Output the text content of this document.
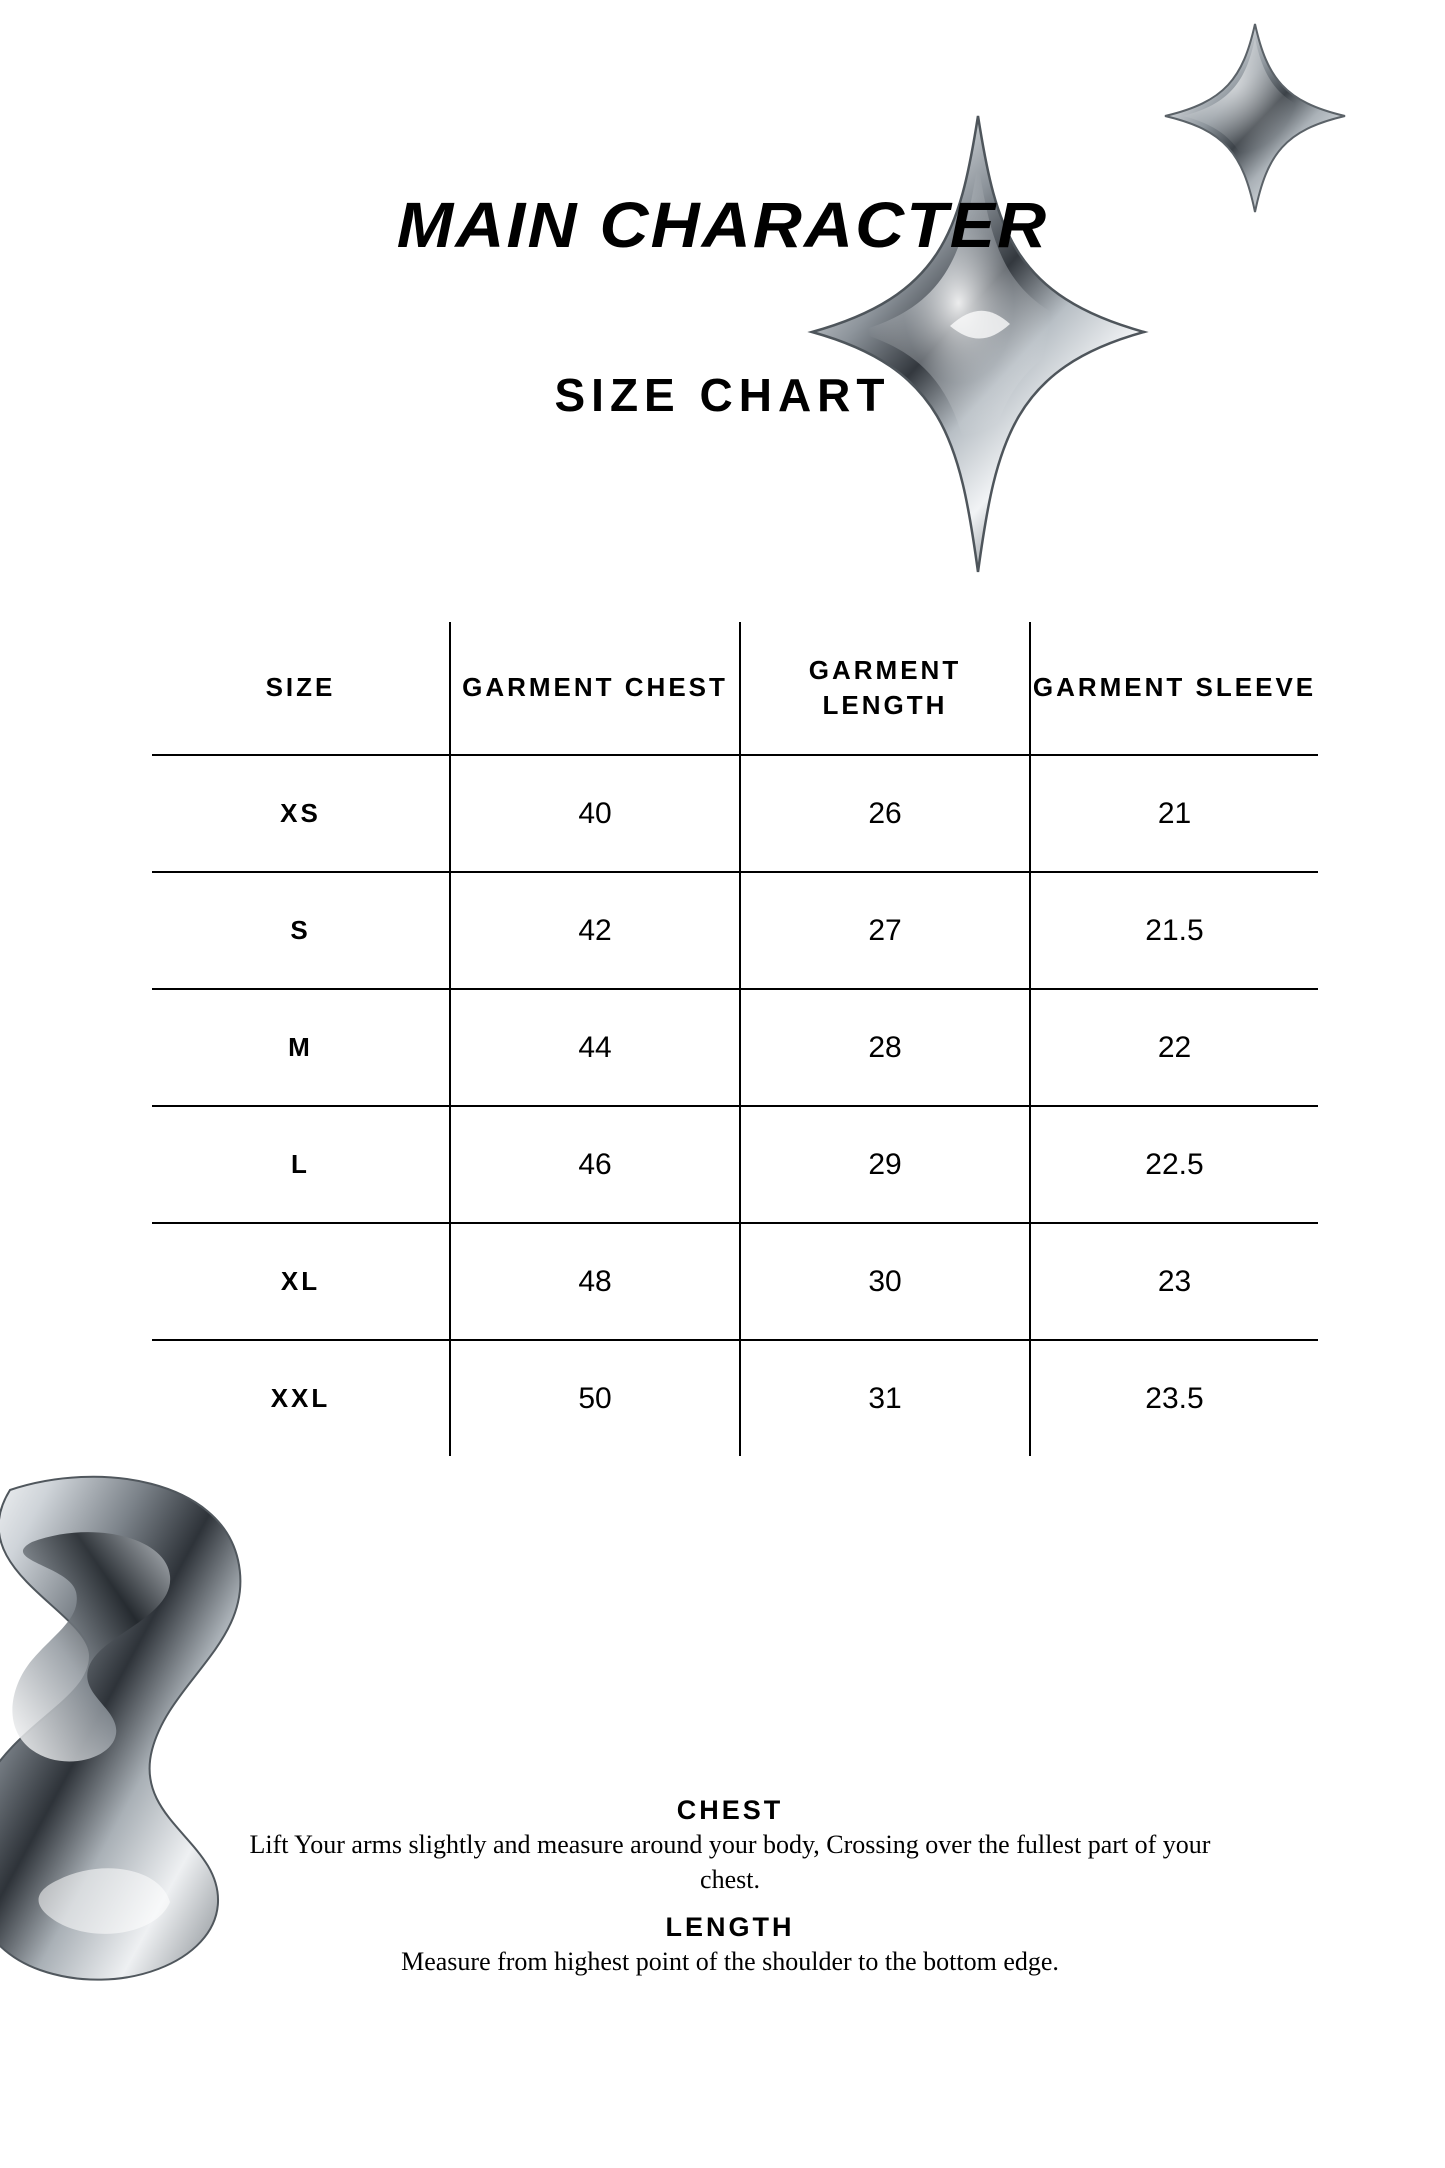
MAIN CHARACTER
SIZE CHART
SIZE	GARMENT CHEST	GARMENT LENGTH	GARMENT SLEEVE
XS	40	26	21
S	42	27	21.5
M	44	28	22
L	46	29	22.5
XL	48	30	23
XXL	50	31	23.5
CHEST

Lift Your arms slightly and measure around your body, Crossing over the fullest part of your chest.

LENGTH

Measure from highest point of the shoulder to the bottom edge.
